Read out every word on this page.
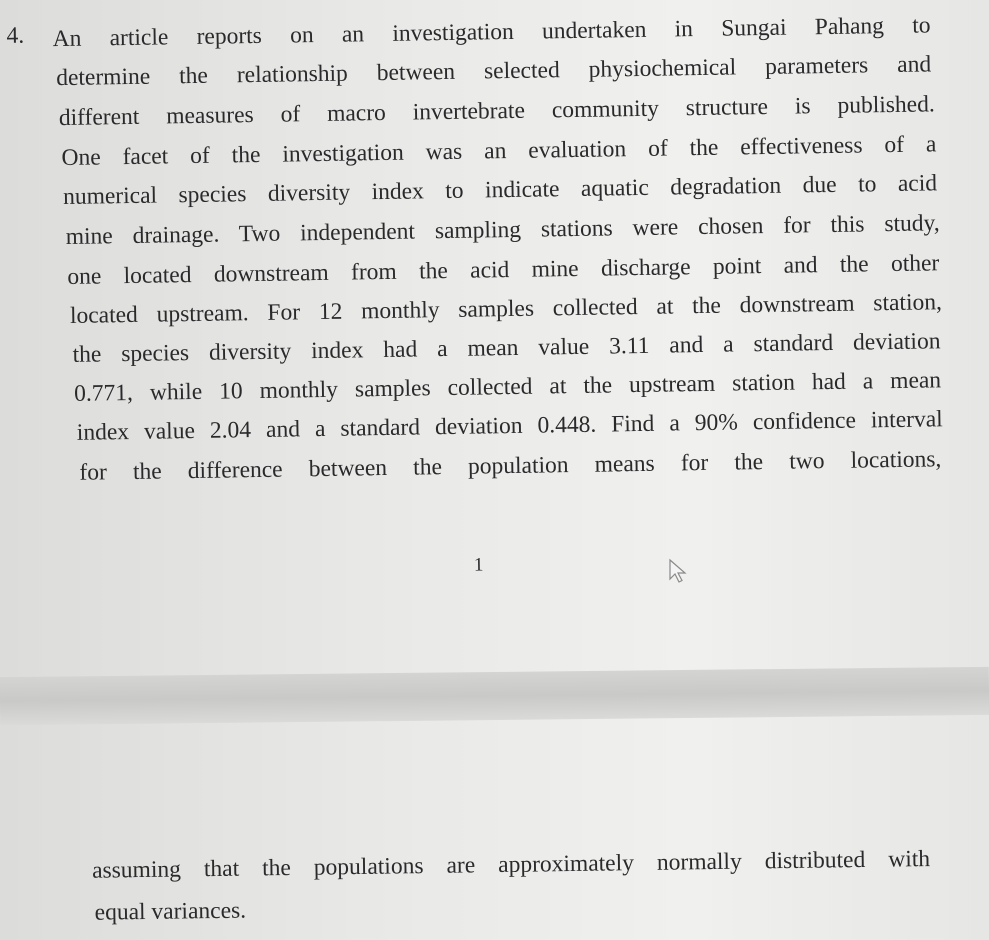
4.	An article reports on an investigation undertaken in Sungai Pahang to
determine the relationship between selected physiochemical parameters and
different measures of macro invertebrate community structure is published.
One facet of the investigation was an evaluation of the effectiveness of a
numerical species diversity index to indicate aquatic degradation due to acid
mine drainage. Two independent sampling stations were chosen for this study,
one located downstream from the acid mine discharge point and the other
located upstream. For 12 monthly samples collected at the downstream station,
the species diversity index had a mean value 3.11 and a standard deviation
0.771, while 10 monthly samples collected at the upstream station had a mean
index value 2.04 and a standard deviation 0.448. Find a 90% confidence interval
for the difference between the population means for the two locations,
1
assuming that the populations are approximately normally distributed with
equal variances.
